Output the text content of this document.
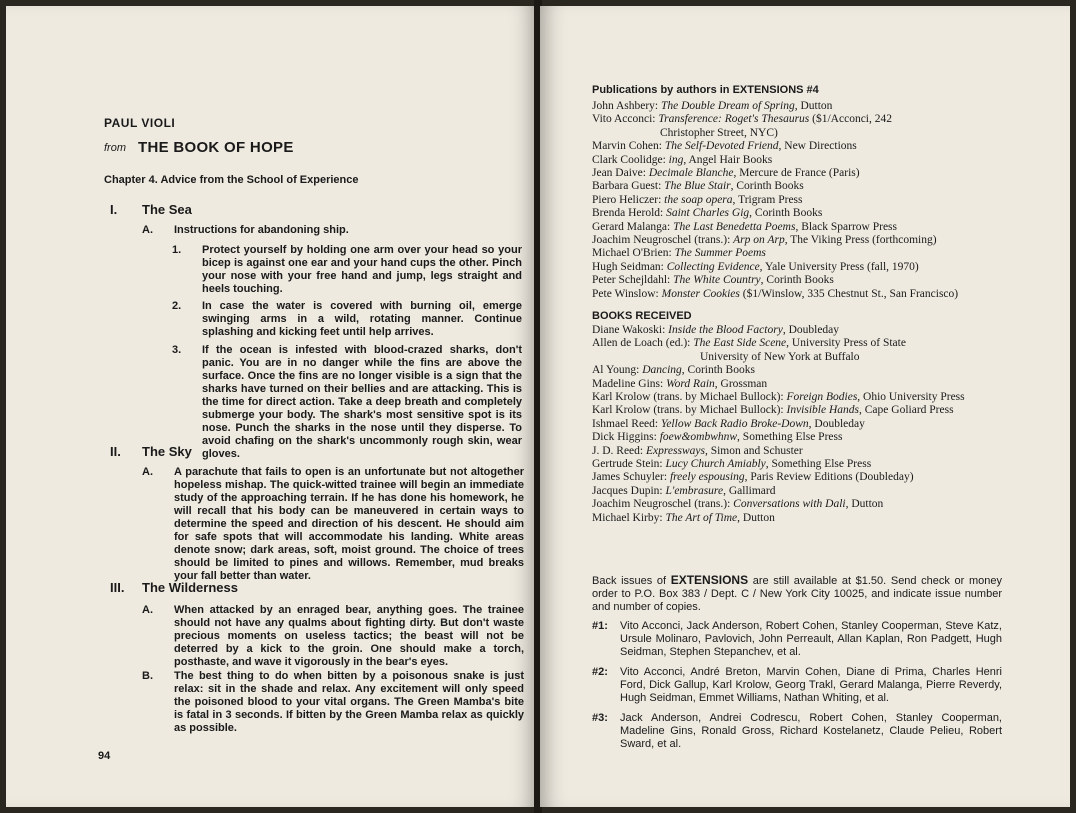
PAUL VIOLI
from THE BOOK OF HOPE
Chapter 4. Advice from the School of Experience
I. The Sea
A. Instructions for abandoning ship.
1. Protect yourself by holding one arm over your head so your bicep is against one ear and your hand cups the other. Pinch your nose with your free hand and jump, legs straight and heels touching.
2. In case the water is covered with burning oil, emerge swinging arms in a wild, rotating manner. Continue splashing and kicking feet until help arrives.
3. If the ocean is infested with blood-crazed sharks, don't panic. You are in no danger while the fins are above the surface. Once the fins are no longer visible is a sign that the sharks have turned on their bellies and are attacking. This is the time for direct action. Take a deep breath and completely submerge your body. The shark's most sensitive spot is its nose. Punch the sharks in the nose until they disperse. To avoid chafing on the shark's uncommonly rough skin, wear gloves.
II. The Sky
A. A parachute that fails to open is an unfortunate but not altogether hopeless mishap. The quick-witted trainee will begin an immediate study of the approaching terrain. If he has done his homework, he will recall that his body can be maneuvered in certain ways to determine the speed and direction of his descent. He should aim for safe spots that will accommodate his landing. White areas denote snow; dark areas, soft, moist ground. The choice of trees should be limited to pines and willows. Remember, mud breaks your fall better than water.
III. The Wilderness
A. When attacked by an enraged bear, anything goes. The trainee should not have any qualms about fighting dirty. But don't waste precious moments on useless tactics; the beast will not be deterred by a kick to the groin. One should make a torch, posthaste, and wave it vigorously in the bear's eyes.
B. The best thing to do when bitten by a poisonous snake is just relax: sit in the shade and relax. Any excitement will only speed the poisoned blood to your vital organs. The Green Mamba's bite is fatal in 3 seconds. If bitten by the Green Mamba relax as quickly as possible.
94
Publications by authors in EXTENSIONS #4
John Ashbery: The Double Dream of Spring, Dutton
Vito Acconci: Transference: Roget's Thesaurus ($1/Acconci, 242
Christopher Street, NYC)
Marvin Cohen: The Self-Devoted Friend, New Directions
Clark Coolidge: ing, Angel Hair Books
Jean Daive: Decimale Blanche, Mercure de France (Paris)
Barbara Guest: The Blue Stair, Corinth Books
Piero Heliczer: the soap opera, Trigram Press
Brenda Herold: Saint Charles Gig, Corinth Books
Gerard Malanga: The Last Benedetta Poems, Black Sparrow Press
Joachim Neugroschel (trans.): Arp on Arp, The Viking Press (forthcoming)
Michael O'Brien: The Summer Poems
Hugh Seidman: Collecting Evidence, Yale University Press (fall, 1970)
Peter Schejldahl: The White Country, Corinth Books
Pete Winslow: Monster Cookies ($1/Winslow, 335 Chestnut St., San Francisco)
BOOKS RECEIVED
Diane Wakoski: Inside the Blood Factory, Doubleday
Allen de Loach (ed.): The East Side Scene, University Press of State
University of New York at Buffalo
Al Young: Dancing, Corinth Books
Madeline Gins: Word Rain, Grossman
Karl Krolow (trans. by Michael Bullock): Foreign Bodies, Ohio University Press
Karl Krolow (trans. by Michael Bullock): Invisible Hands, Cape Goliard Press
Ishmael Reed: Yellow Back Radio Broke-Down, Doubleday
Dick Higgins: foew&ombwhnw, Something Else Press
J. D. Reed: Expressways, Simon and Schuster
Gertrude Stein: Lucy Church Amiably, Something Else Press
James Schuyler: freely espousing, Paris Review Editions (Doubleday)
Jacques Dupin: L'embrasure, Gallimard
Joachim Neugroschel (trans.): Conversations with Dali, Dutton
Michael Kirby: The Art of Time, Dutton
Back issues of EXTENSIONS are still available at $1.50. Send check or money order to P.O. Box 383 / Dept. C / New York City 10025, and indicate issue number and number of copies.
#1: Vito Acconci, Jack Anderson, Robert Cohen, Stanley Cooperman, Steve Katz, Ursule Molinaro, Pavlovich, John Perreault, Allan Kaplan, Ron Padgett, Hugh Seidman, Stephen Stepanchev, et al.
#2: Vito Acconci, André Breton, Marvin Cohen, Diane di Prima, Charles Henri Ford, Dick Gallup, Karl Krolow, Georg Trakl, Gerard Malanga, Pierre Reverdy, Hugh Seidman, Emmet Williams, Nathan Whiting, et al.
#3: Jack Anderson, Andrei Codrescu, Robert Cohen, Stanley Cooperman, Madeline Gins, Ronald Gross, Richard Kostelanetz, Claude Pelieu, Robert Sward, et al.
